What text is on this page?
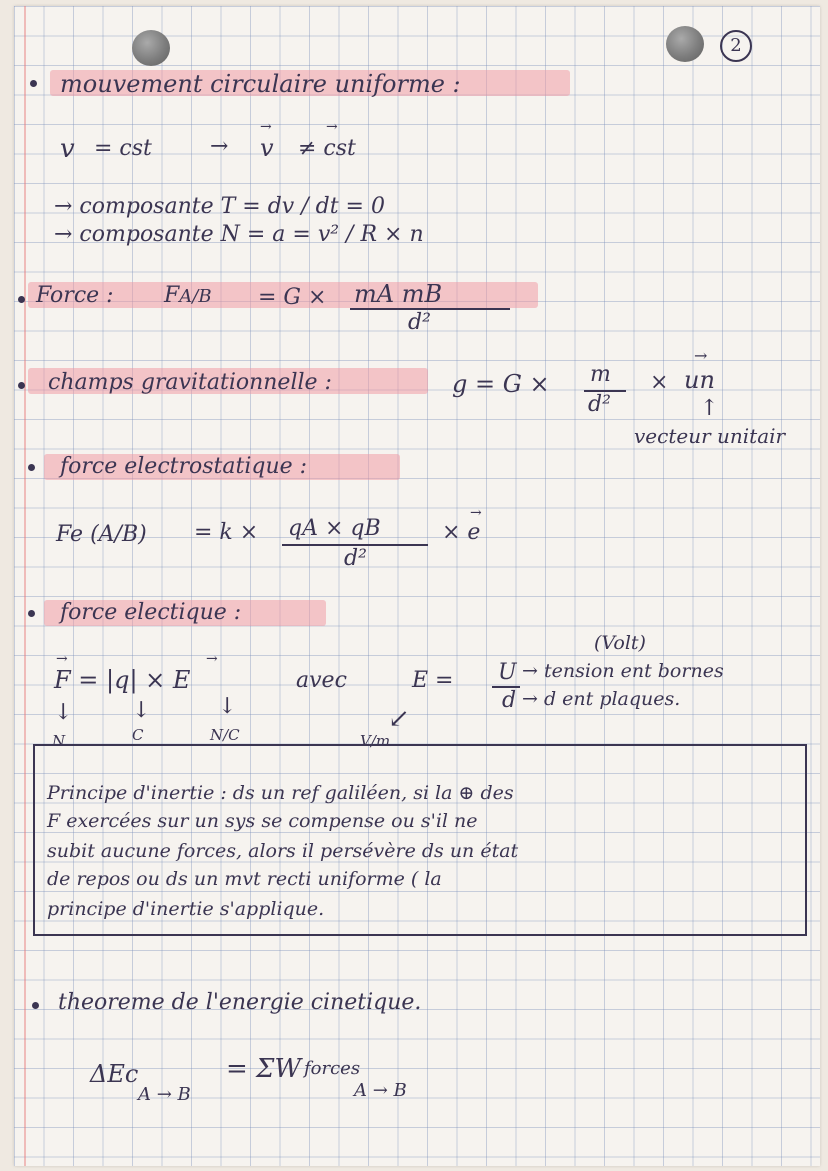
2
mouvement circulaire uniforme :
v = cst	→
→
v
→
≠ cst
→ composante T = dv / dt = 0
→ composante N = a = v² / R × n
Force : FA/B = G × mA mB
d²
champs gravitationnelle :	g = G × m
d²
×
→
un
↑
vecteur unitair
force electrostatique :
Fe (A/B) = k × qA × qB
d²
→
× e
force electique :
(Volt)
→	→
F = |q| × E	avec	E = U
d
→ tension ent bornes
→ d ent plaques.
↓	↓	↓	↙
N	C	N/C	V/m
Principe d'inertie : ds un ref galiléen, si la ⊕ des
F exercées sur un sys se compense ou s'il ne
subit aucune forces, alors il persévère ds un état
de repos ou ds un mvt recti uniforme ( la
principe d'inertie s'applique.
theoreme de l'energie cinetique.
ΔEc
A → B
= ΣW forces
A → B
